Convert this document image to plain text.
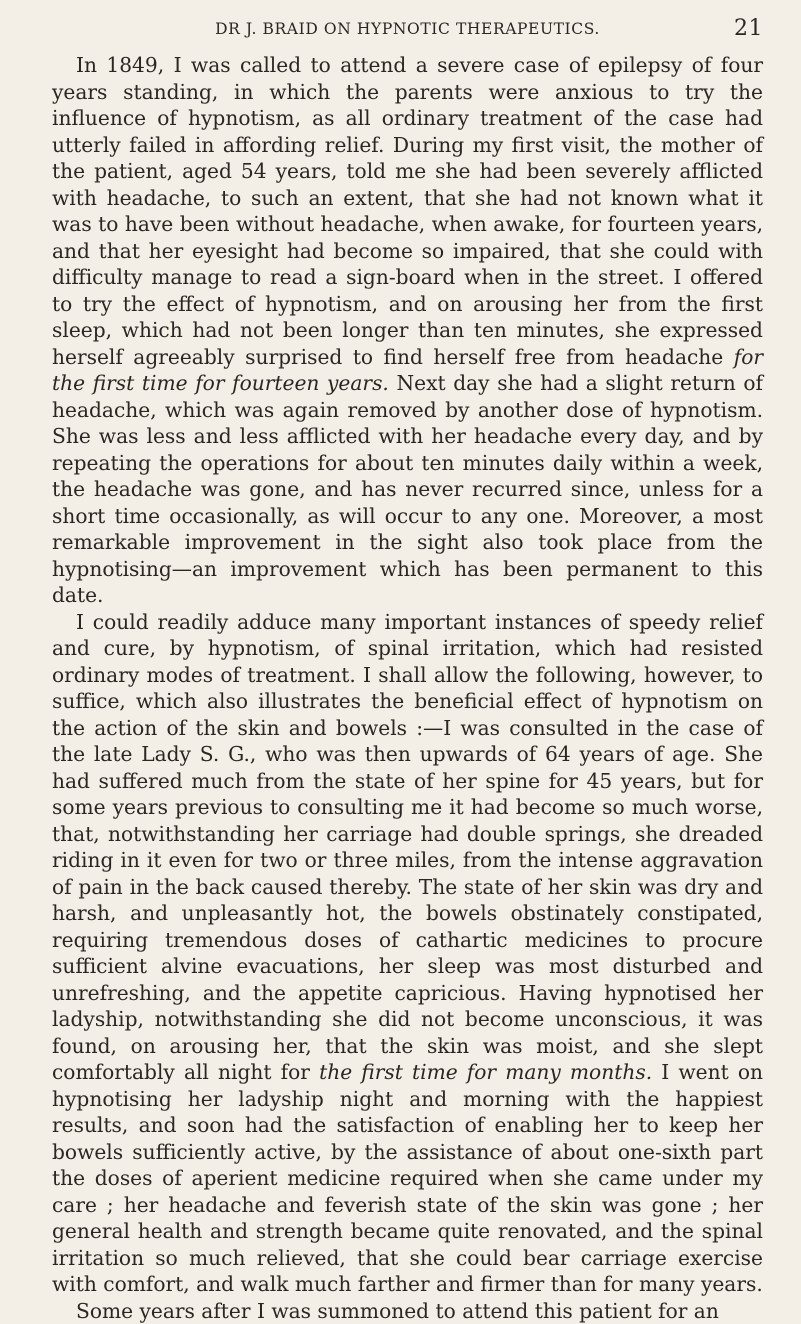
DR J. BRAID ON HYPNOTIC THERAPEUTICS.	21

In 1849, I was called to attend a severe case of epilepsy of four years standing, in which the parents were anxious to try the influence of hypnotism, as all ordinary treatment of the case had utterly failed in affording relief. During my first visit, the mother of the patient, aged 54 years, told me she had been severely afflicted with headache, to such an extent, that she had not known what it was to have been without headache, when awake, for fourteen years, and that her eyesight had become so impaired, that she could with difficulty manage to read a sign-board when in the street. I offered to try the effect of hypnotism, and on arousing her from the first sleep, which had not been longer than ten minutes, she expressed herself agreeably surprised to find herself free from headache for the first time for fourteen years. Next day she had a slight return of headache, which was again removed by another dose of hypnotism. She was less and less afflicted with her headache every day, and by repeating the operations for about ten minutes daily within a week, the headache was gone, and has never recurred since, unless for a short time occasionally, as will occur to any one. Moreover, a most remarkable improvement in the sight also took place from the hypnotising—an improvement which has been permanent to this date.

I could readily adduce many important instances of speedy relief and cure, by hypnotism, of spinal irritation, which had resisted ordinary modes of treatment. I shall allow the following, however, to suffice, which also illustrates the beneficial effect of hypnotism on the action of the skin and bowels :—I was consulted in the case of the late Lady S. G., who was then upwards of 64 years of age. She had suffered much from the state of her spine for 45 years, but for some years previous to consulting me it had become so much worse, that, notwithstanding her carriage had double springs, she dreaded riding in it even for two or three miles, from the intense aggravation of pain in the back caused thereby. The state of her skin was dry and harsh, and unpleasantly hot, the bowels obstinately constipated, requiring tremendous doses of cathartic medicines to procure sufficient alvine evacuations, her sleep was most disturbed and unrefreshing, and the appetite capricious. Having hypnotised her ladyship, notwithstanding she did not become unconscious, it was found, on arousing her, that the skin was moist, and she slept comfortably all night for the first time for many months. I went on hypnotising her ladyship night and morning with the happiest results, and soon had the satisfaction of enabling her to keep her bowels sufficiently active, by the assistance of about one-sixth part the doses of aperient medicine required when she came under my care ; her headache and feverish state of the skin was gone ; her general health and strength became quite renovated, and the spinal irritation so much relieved, that she could bear carriage exercise with comfort, and walk much farther and firmer than for many years.

Some years after I was summoned to attend this patient for an
